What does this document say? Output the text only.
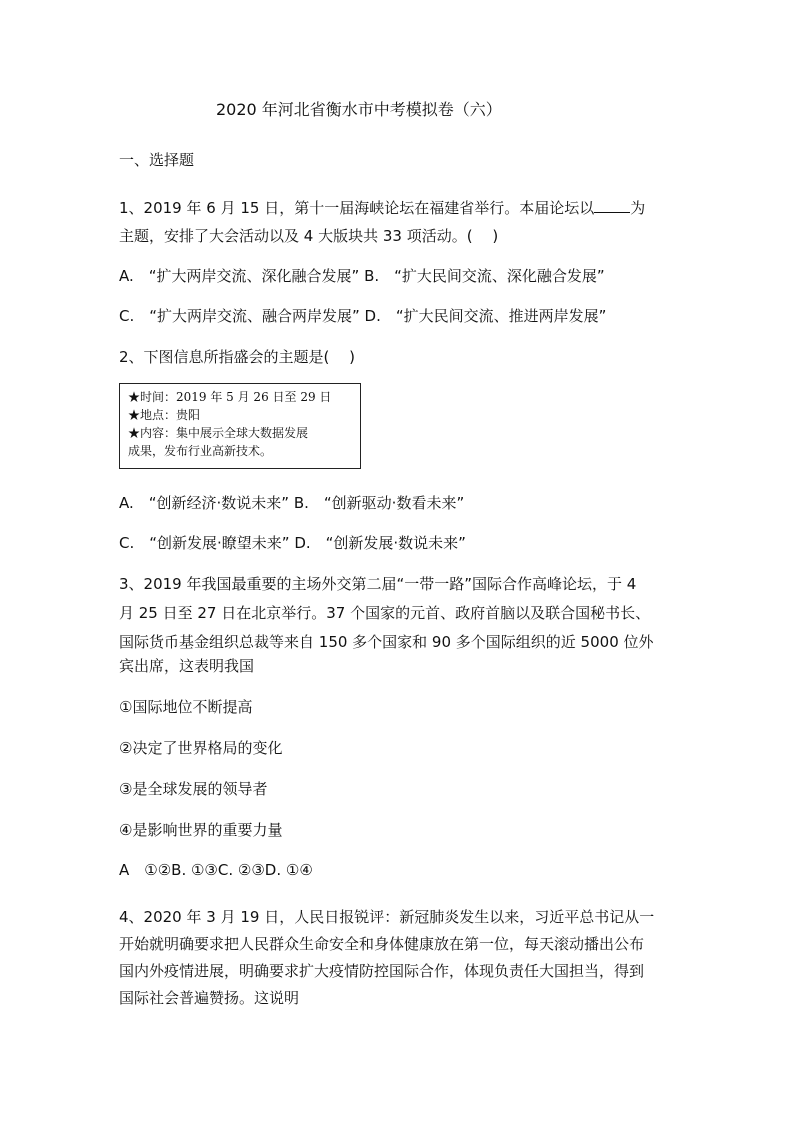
2020 年河北省衡水市中考模拟卷（六）
一、选择题
1、2019 年 6 月 15 日，第十一届海峡论坛在福建省举行。本届论坛以 为
主题，安排了大会活动以及 4 大版块共 33 项活动。(　 )
A.　“扩大两岸交流、深化融合发展” B.　“扩大民间交流、深化融合发展”
C.　“扩大两岸交流、融合两岸发展” D.　“扩大民间交流、推进两岸发展”
2、下图信息所指盛会的主题是(　 )
★时间：2019 年 5 月 26 日至 29 日
★地点：贵阳
★内容：集中展示全球大数据发展
成果，发布行业高新技术。
A.　“创新经济·数说未来” B.　“创新驱动·数看未来”
C.　“创新发展·瞭望未来” D.　“创新发展·数说未来”
3、2019 年我国最重要的主场外交第二届“一带一路”国际合作高峰论坛，于 4
月 25 日至 27 日在北京举行。37 个国家的元首、政府首脑以及联合国秘书长、
国际货币基金组织总裁等来自 150 多个国家和 90 多个国际组织的近 5000 位外
宾出席，这表明我国
①国际地位不断提高
②决定了世界格局的变化
③是全球发展的领导者
④是影响世界的重要力量
A　①②B. ①③C. ②③D. ①④
4、2020 年 3 月 19 日，人民日报锐评：新冠肺炎发生以来，习近平总书记从一
开始就明确要求把人民群众生命安全和身体健康放在第一位，每天滚动播出公布
国内外疫情进展，明确要求扩大疫情防控国际合作，体现负责任大国担当，得到
国际社会普遍赞扬。这说明
